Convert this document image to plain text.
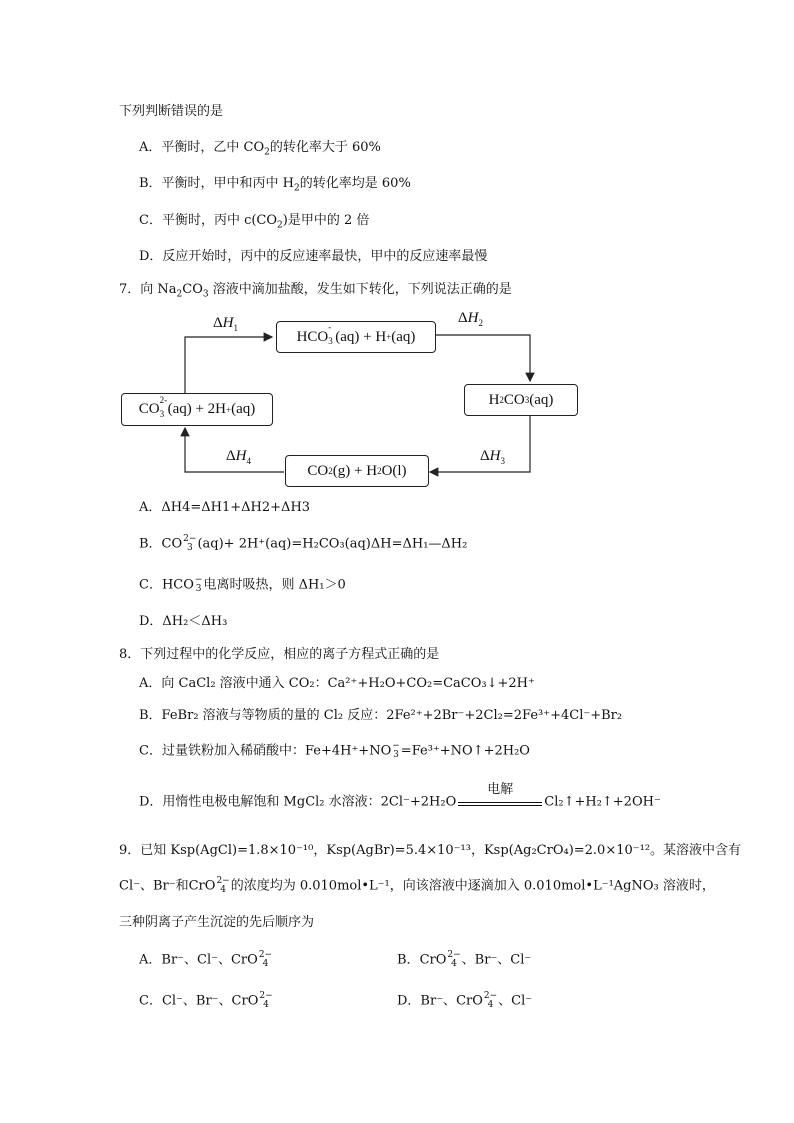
下列判断错误的是
A．平衡时，乙中 $CO_2$的转化率大于 60%
B．平衡时，甲中和丙中 $H_2$的转化率均是 60%
C．平衡时，丙中 $c(CO_2)$是甲中的 2 倍
D．反应开始时，丙中的反应速率最快，甲中的反应速率最慢
7．向 $Na_2CO_3$ 溶液中滴加盐酸，发生如下转化，下列说法正确的是
HCO
-
3 (aq) + H + (aq)
H 2 CO 3 (aq)
CO 2 (g) + H 2 O(l)
CO
2-
3 (aq) + 2H + (aq)
$\Delta H_1$
$\Delta H_2$
$\Delta H_3$
$\Delta H_4$
A．ΔH4=ΔH1+ΔH2+ΔH3
B．CO 2−
3 (aq)+ 2H⁺(aq)=H₂CO₃(aq)ΔH=ΔH₁—ΔH₂
C．HCO −
3 电离时吸热，则 ΔH₁＞0
D．ΔH₂＜ΔH₃
8．下列过程中的化学反应，相应的离子方程式正确的是
A．向 CaCl₂ 溶液中通入 CO₂：Ca²⁺+H₂O+CO₂=CaCO₃↓+2H⁺
B．FeBr₂ 溶液与等物质的量的 Cl₂ 反应：2Fe²⁺+2Br⁻+2Cl₂=2Fe³⁺+4Cl⁻+Br₂
C．过量铁粉加入稀硝酸中：Fe+4H⁺+NO −
3 =Fe³⁺+NO↑+2H₂O
D．用惰性电极电解饱和 MgCl₂ 水溶液：2Cl⁻+2H₂O
电解
Cl₂↑+H₂↑+2OH⁻
9．已知 Ksp(AgCl)=1.8×10⁻¹⁰，Ksp(AgBr)=5.4×10⁻¹³，Ksp(Ag₂CrO₄)=2.0×10⁻¹²。某溶液中含有
Cl⁻、Br⁻和CrO 2−
4 的浓度均为 0.010mol•L⁻¹，向该溶液中逐滴加入 0.010mol•L⁻¹AgNO₃ 溶液时，
三种阴离子产生沉淀的先后顺序为
A．Br⁻、Cl⁻、CrO 2−
4	B．CrO 2−
4 、Br⁻、Cl⁻
C．Cl⁻、Br⁻、CrO 2−
4	D．Br⁻、CrO 2−
4 、Cl⁻
